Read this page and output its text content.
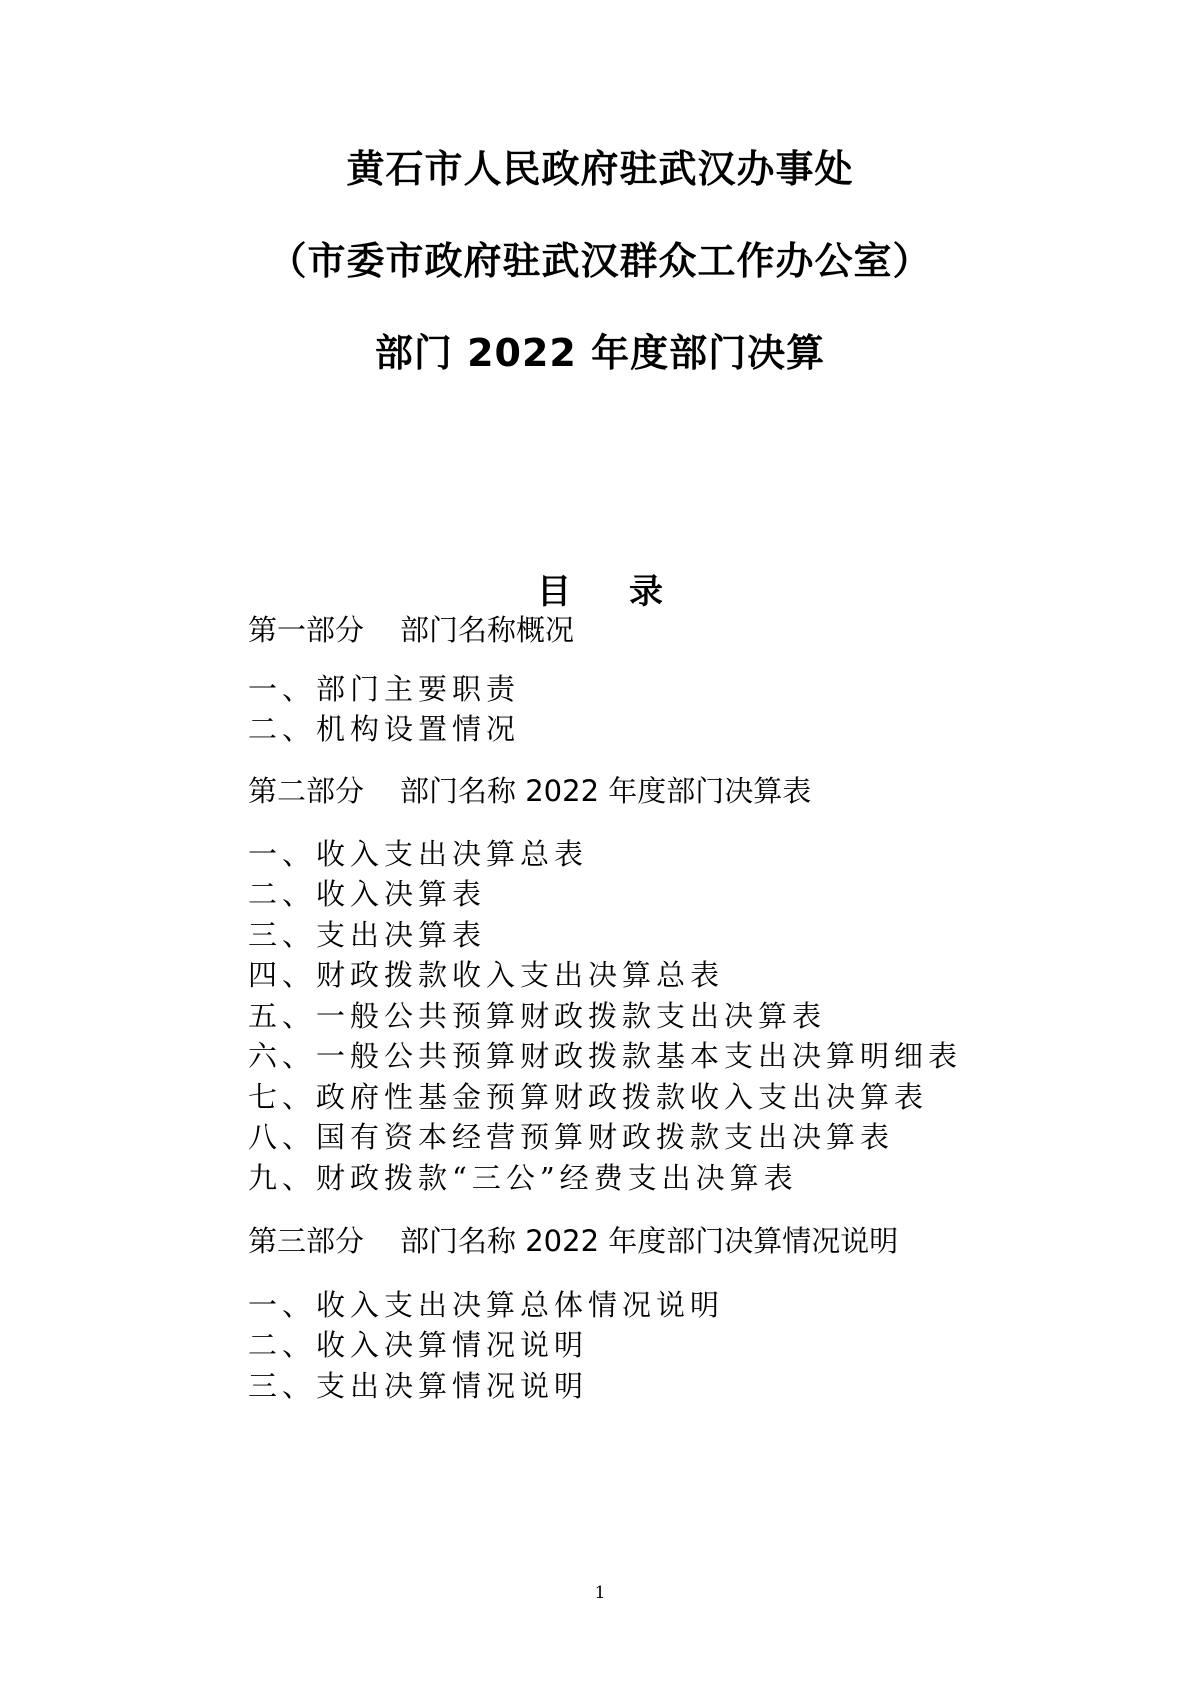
黄石市人民政府驻武汉办事处
（市委市政府驻武汉群众工作办公室）
部门 2022 年度部门决算
目录
第一部分 部门名称概况
一、部门主要职责
二、机构设置情况
第二部分 部门名称 2022 年度部门决算表
一、收入支出决算总表
二、收入决算表
三、支出决算表
四、财政拨款收入支出决算总表
五、一般公共预算财政拨款支出决算表
六、一般公共预算财政拨款基本支出决算明细表
七、政府性基金预算财政拨款收入支出决算表
八、国有资本经营预算财政拨款支出决算表
九、财政拨款“三公”经费支出决算表
第三部分 部门名称 2022 年度部门决算情况说明
一、收入支出决算总体情况说明
二、收入决算情况说明
三、支出决算情况说明
1
